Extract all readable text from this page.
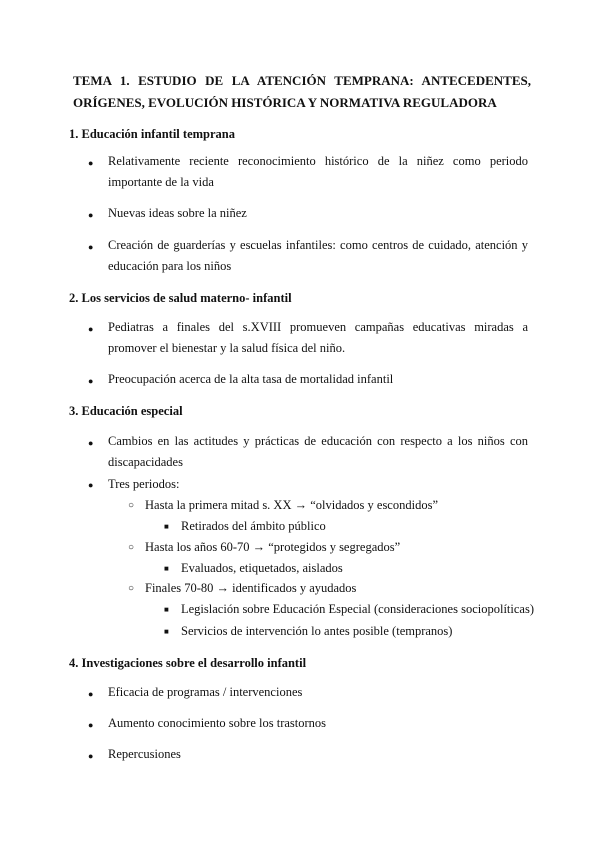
TEMA 1. ESTUDIO DE LA ATENCIÓN TEMPRANA: ANTECEDENTES,
ORÍGENES, EVOLUCIÓN HISTÓRICA Y NORMATIVA REGULADORA
1. Educación infantil temprana
●	Relativamente reciente reconocimiento histórico de la niñez como periodo importante de la vida
●	Nuevas ideas sobre la niñez
●	Creación de guarderías y escuelas infantiles: como centros de cuidado, atención y educación para los niños
2. Los servicios de salud materno- infantil
●	Pediatras a finales del s.XVIII promueven campañas educativas miradas a promover el bienestar y la salud física del niño.
●	Preocupación acerca de la alta tasa de mortalidad infantil
3. Educación especial
●	Cambios en las actitudes y prácticas de educación con respecto a los niños con discapacidades
●	Tres periodos:
○ Hasta la primera mitad s. XX → “olvidados y escondidos”
■ Retirados del ámbito público
○ Hasta los años 60-70 → “protegidos y segregados”
■ Evaluados, etiquetados, aislados
○ Finales 70-80 → identificados y ayudados
■ Legislación sobre Educación Especial (consideraciones sociopolíticas)
■ Servicios de intervención lo antes posible (tempranos)
4. Investigaciones sobre el desarrollo infantil
●	Eficacia de programas / intervenciones
●	Aumento conocimiento sobre los trastornos
●	Repercusiones
